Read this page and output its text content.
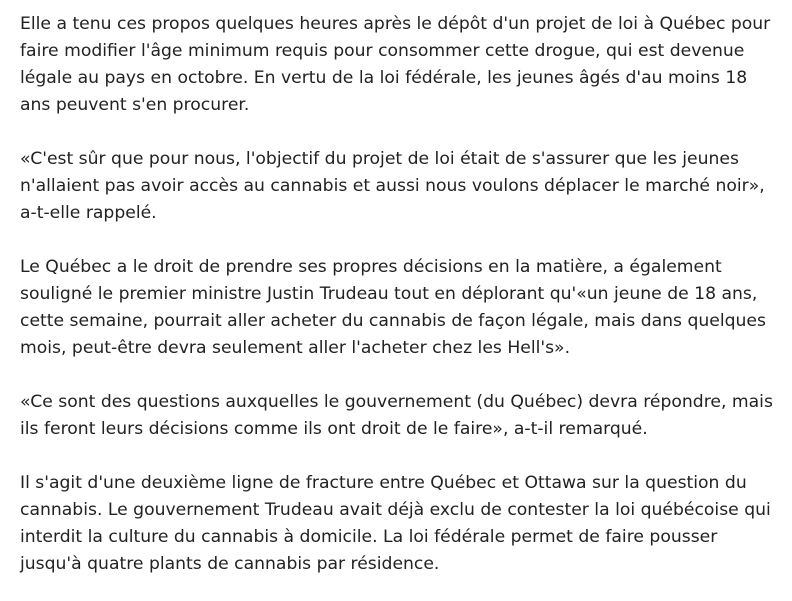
Elle a tenu ces propos quelques heures après le dépôt d'un projet de loi à Québec pour faire modifier l'âge minimum requis pour consommer cette drogue, qui est devenue légale au pays en octobre. En vertu de la loi fédérale, les jeunes âgés d'au moins 18 ans peuvent s'en procurer.

«C'est sûr que pour nous, l'objectif du projet de loi était de s'assurer que les jeunes n'allaient pas avoir accès au cannabis et aussi nous voulons déplacer le marché noir», a-t-elle rappelé.

Le Québec a le droit de prendre ses propres décisions en la matière, a également souligné le premier ministre Justin Trudeau tout en déplorant qu'«un jeune de 18 ans, cette semaine, pourrait aller acheter du cannabis de façon légale, mais dans quelques mois, peut-être devra seulement aller l'acheter chez les Hell's».

«Ce sont des questions auxquelles le gouvernement (du Québec) devra répondre, mais ils feront leurs décisions comme ils ont droit de le faire», a-t-il remarqué.

Il s'agit d'une deuxième ligne de fracture entre Québec et Ottawa sur la question du cannabis. Le gouvernement Trudeau avait déjà exclu de contester la loi québécoise qui interdit la culture du cannabis à domicile. La loi fédérale permet de faire pousser jusqu'à quatre plants de cannabis par résidence.
